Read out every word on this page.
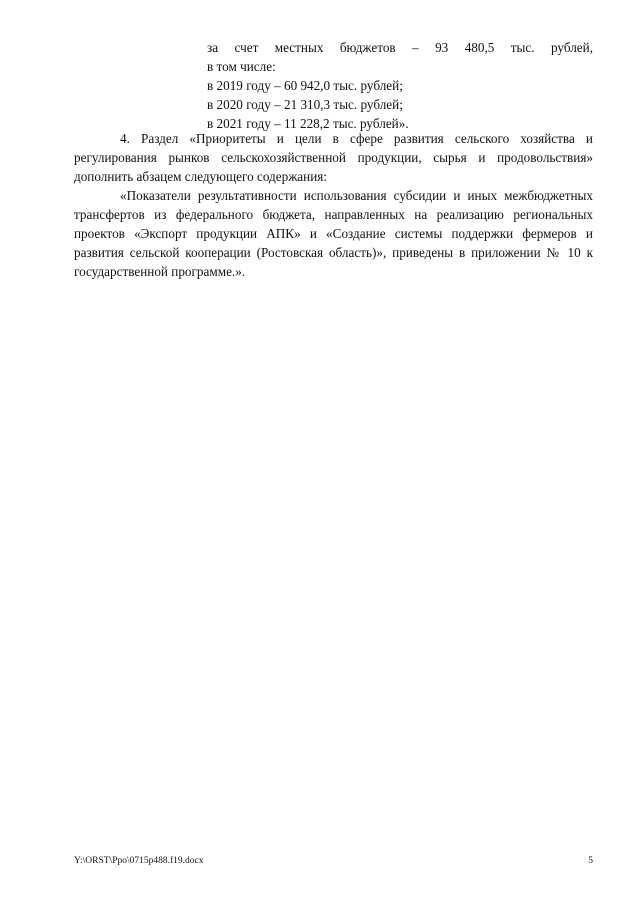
за счет местных бюджетов – 93 480,5 тыс. рублей,
в том числе:
в 2019 году – 60 942,0 тыс. рублей;
в 2020 году – 21 310,3 тыс. рублей;
в 2021 году – 11 228,2 тыс. рублей».

4. Раздел «Приоритеты и цели в сфере развития сельского хозяйства и регулирования рынков сельскохозяйственной продукции, сырья и продовольствия» дополнить абзацем следующего содержания:

«Показатели результативности использования субсидии и иных межбюджетных трансфертов из федерального бюджета, направленных на реализацию региональных проектов «Экспорт продукции АПК» и «Создание системы поддержки фермеров и развития сельской кооперации (Ростовская область)», приведены в приложении № 10 к государственной программе.».

Y:\ORST\Ppo\0715p488.f19.docx	5
